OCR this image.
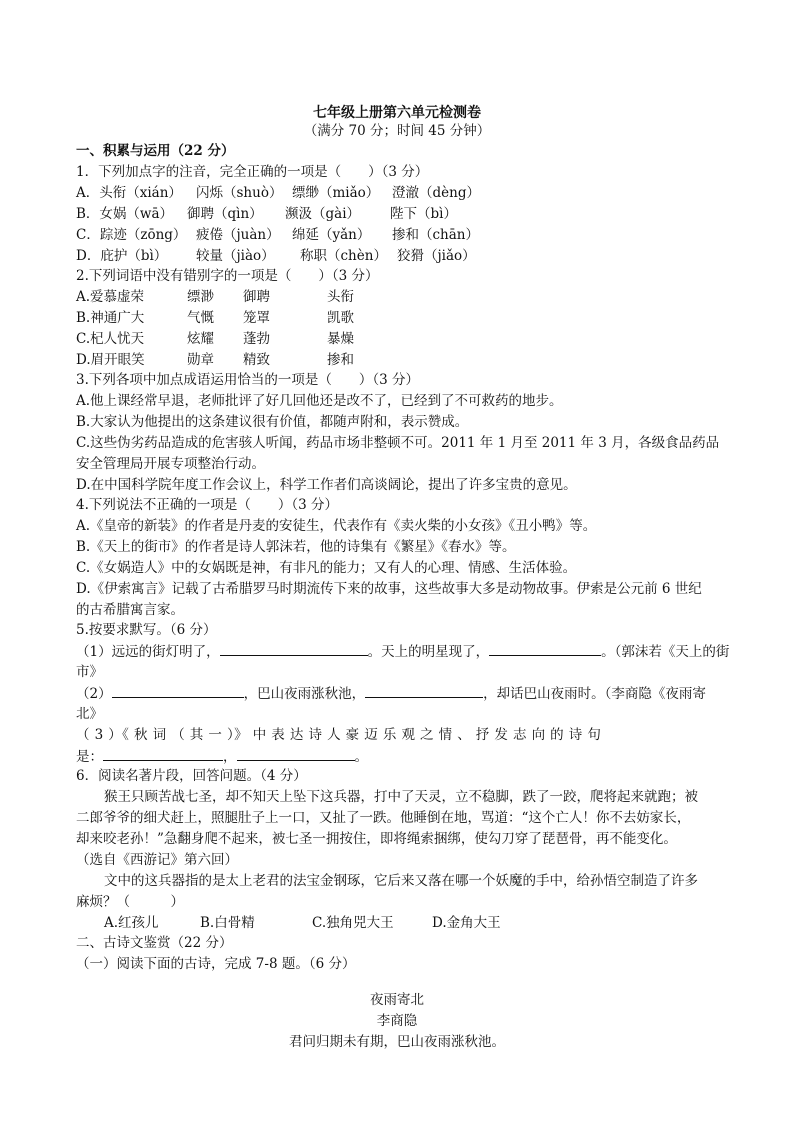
七年级上册第六单元检测卷
（满分 70 分；时间 45 分钟）
一、积累与运用（22 分）
1．下列加点字的注音，完全正确的一项是（　　）（3 分）
A．头衔（xián） 闪烁（shuò） 缥缈（miǎo） 澄澈（dèng）
B．女娲（wā） 御聘（qìn） 濒汲（gài） 陛下（bì）
C．踪迹（zōng） 疲倦（juàn） 绵延（yǎn） 掺和（chān）
D．庇护（bì） 较量（jiào） 称职（chèn） 狡猾（jiǎo）
2.下列词语中没有错别字的一项是（　　）（3 分）
A.爱慕虚荣	缥渺 御聘	头衔
B.神通广大	气慨 笼罩	凯歌
C.杞人忧天	炫耀 蓬勃	暴燥
D.眉开眼笑	勋章 精致	掺和
3.下列各项中加点成语运用恰当的一项是（　　）（3 分）
A.他上课经常早退，老师批评了好几回他还是改不了，已经到了不可救药的地步。
B.大家认为他提出的这条建议很有价值，都随声附和，表示赞成。
C.这些伪劣药品造成的危害骇人听闻，药品市场非整顿不可。2011 年 1 月至 2011 年 3 月，各级食品药品
安全管理局开展专项整治行动。
D.在中国科学院年度工作会议上，科学工作者们高谈阔论，提出了许多宝贵的意见。
4.下列说法不正确的一项是（　　）（3 分）
A.《皇帝的新装》的作者是丹麦的安徒生，代表作有《卖火柴的小女孩》《丑小鸭》等。
B.《天上的街市》的作者是诗人郭沫若，他的诗集有《繁星》《春水》等。
C.《女娲造人》中的女娲既是神，有非凡的能力；又有人的心理、情感、生活体验。
D.《伊索寓言》记载了古希腊罗马时期流传下来的故事，这些故事大多是动物故事。伊索是公元前 6 世纪
的古希腊寓言家。
5.按要求默写。（6 分）
（1）远远的街灯明了，	。天上的明星现了，	。（郭沫若《天上的街
市》
（2）	，巴山夜雨涨秋池，	，却话巴山夜雨时。（李商隐《夜雨寄
北》
（ 3 ）《 秋 词 （ 其 一 ）》 中 表 达 诗 人 豪 迈 乐 观 之 情 、 抒 发 志 向 的 诗 句
是：	，	。
6．阅读名著片段，回答问题。（4 分）
猴王只顾苦战七圣，却不知天上坠下这兵器，打中了天灵，立不稳脚，跌了一跤，爬将起来就跑；被
二郎爷爷的细犬赶上，照腿肚子上一口，又扯了一跌。他睡倒在地，骂道：“这个亡人！你不去妨家长，
却来咬老孙！”急翻身爬不起来，被七圣一拥按住，即将绳索捆绑，使勾刀穿了琵琶骨，再不能变化。
（选自《西游记》第六回）
文中的这兵器指的是太上老君的法宝金钢琢，它后来又落在哪一个妖魔的手中，给孙悟空制造了许多
麻烦？（　　　）
A.红孩儿	B.白骨精	C.独角兕大王	D.金角大王
二、古诗文鉴赏（22 分）
（一）阅读下面的古诗，完成 7-8 题。（6 分）
夜雨寄北
李商隐
君问归期未有期，巴山夜雨涨秋池。
